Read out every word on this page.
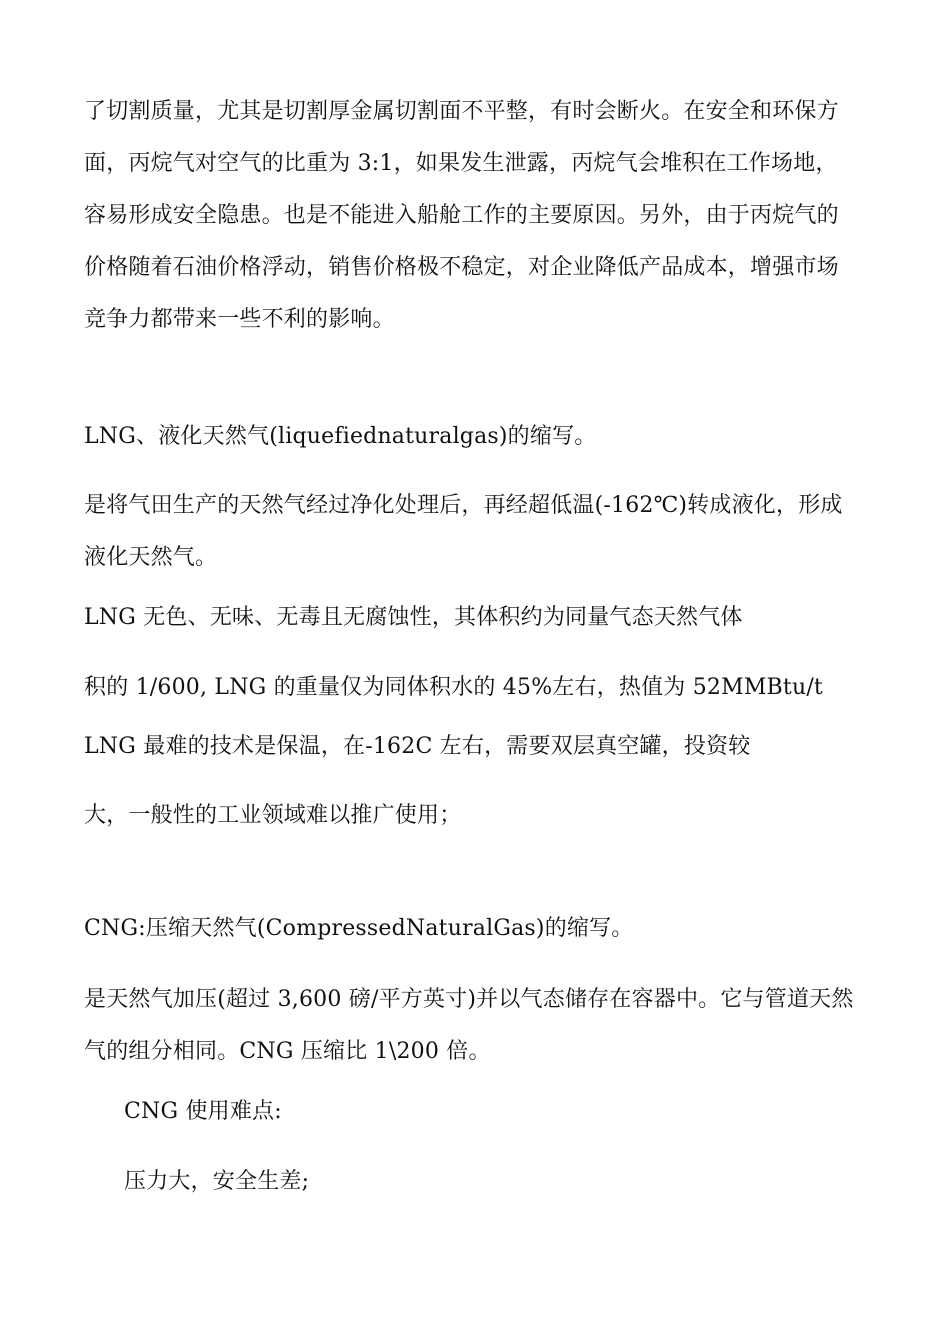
了切割质量，尤其是切割厚金属切割面不平整，有时会断火。在安全和环保方
面，丙烷气对空气的比重为 3:1，如果发生泄露，丙烷气会堆积在工作场地，
容易形成安全隐患。也是不能进入船舱工作的主要原因。另外，由于丙烷气的
价格随着石油价格浮动，销售价格极不稳定，对企业降低产品成本，增强市场
竞争力都带来一些不利的影响。

LNG、液化天然气(liquefiednaturalgas)的缩写。

是将气田生产的天然气经过净化处理后，再经超低温(-162℃)转成液化，形成
液化天然气。

LNG 无色、无味、无毒且无腐蚀性，其体积约为同量气态天然气体

积的 1/600, LNG 的重量仅为同体积水的 45%左右，热值为 52MMBtu/t

LNG 最难的技术是保温，在-162C 左右，需要双层真空罐，投资较

大，一般性的工业领域难以推广使用；

CNG:压缩天然气(CompressedNaturalGas)的缩写。

是天然气加压(超过 3,600 磅/平方英寸)并以气态储存在容器中。它与管道天然
气的组分相同。CNG 压缩比 1\200 倍。

CNG 使用难点:

压力大，安全生差;
